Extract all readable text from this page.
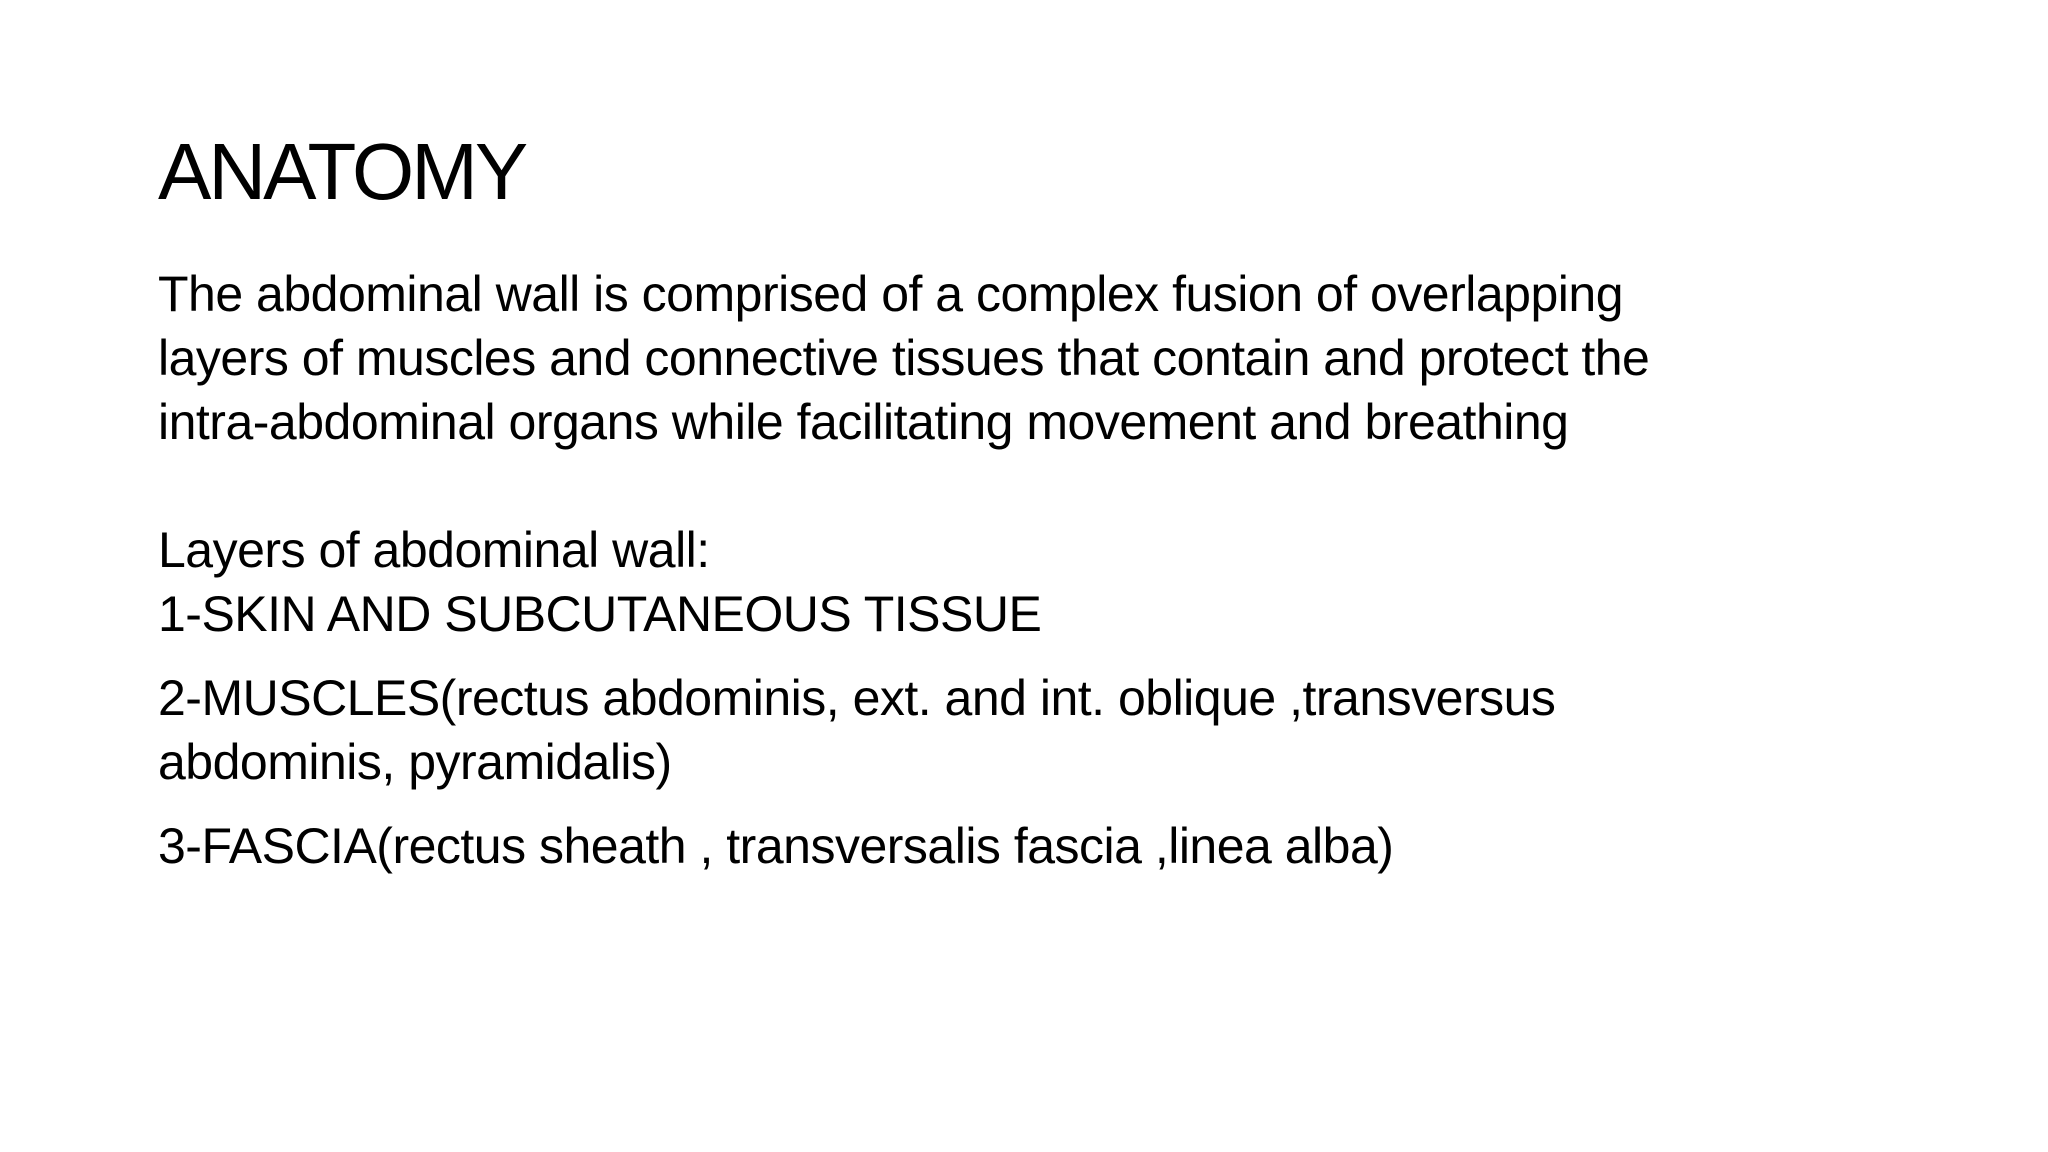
ANATOMY

The abdominal wall is comprised of a complex fusion of overlapping

layers of muscles and connective tissues that contain and protect the

intra-abdominal organs while facilitating movement and breathing

Layers of abdominal wall:

1-SKIN AND SUBCUTANEOUS TISSUE

2-MUSCLES(rectus abdominis, ext. and int. oblique ,transversus

abdominis, pyramidalis)

3-FASCIA(rectus sheath , transversalis fascia ,linea alba)
